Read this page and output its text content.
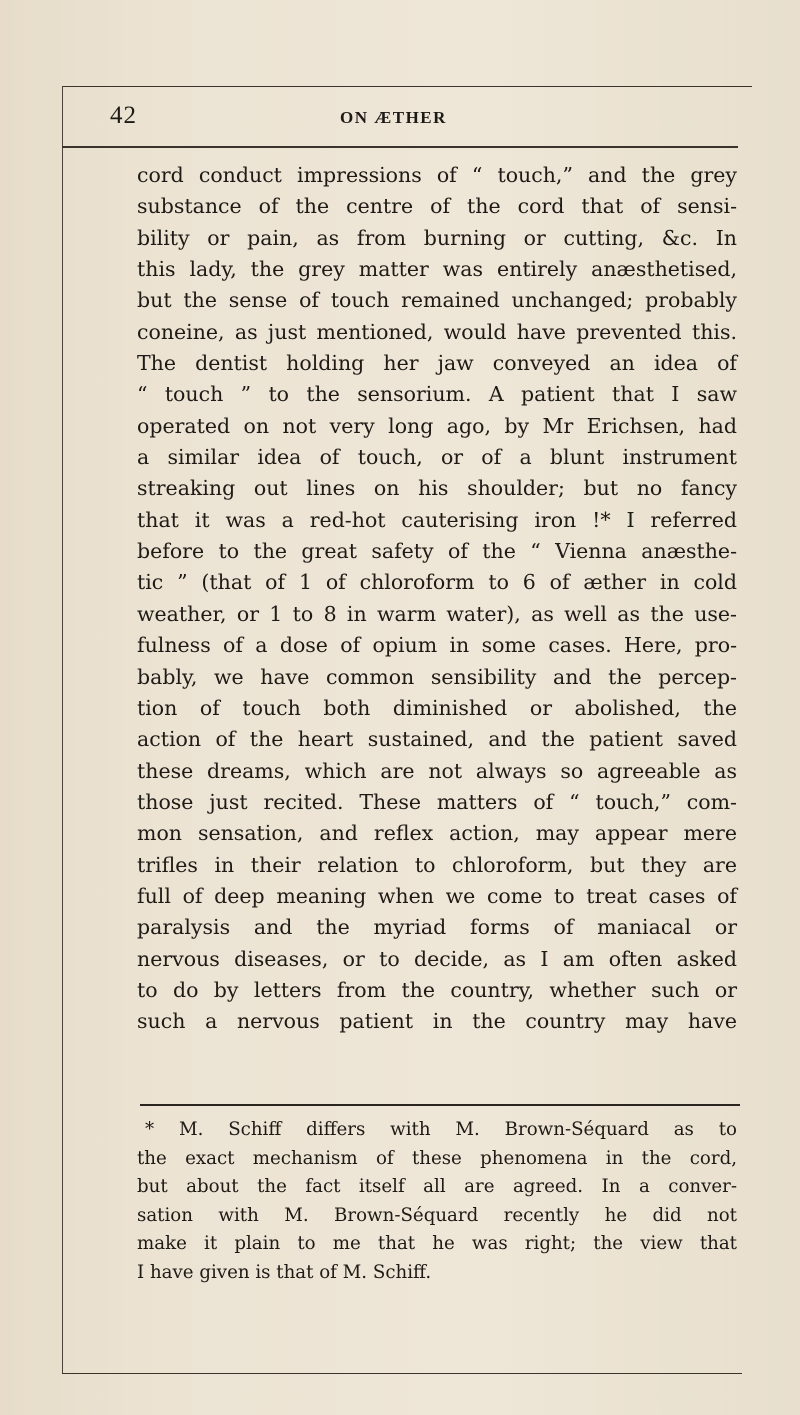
42	ON ÆTHER
cord conduct impressions of “ touch,” and the grey
substance of the centre of the cord that of sensi-
bility or pain, as from burning or cutting, &c. In
this lady, the grey matter was entirely anæsthetised,
but the sense of touch remained unchanged; probably
coneine, as just mentioned, would have prevented this.
The dentist holding her jaw conveyed an idea of
“ touch ” to the sensorium. A patient that I saw
operated on not very long ago, by Mr Erichsen, had
a similar idea of touch, or of a blunt instrument
streaking out lines on his shoulder; but no fancy
that it was a red-hot cauterising iron !* I referred
before to the great safety of the “ Vienna anæsthe-
tic ” (that of 1 of chloroform to 6 of æther in cold
weather, or 1 to 8 in warm water), as well as the use-
fulness of a dose of opium in some cases. Here, pro-
bably, we have common sensibility and the percep-
tion of touch both diminished or abolished, the
action of the heart sustained, and the patient saved
these dreams, which are not always so agreeable as
those just recited. These matters of “ touch,” com-
mon sensation, and reflex action, may appear mere
trifles in their relation to chloroform, but they are
full of deep meaning when we come to treat cases of
paralysis and the myriad forms of maniacal or
nervous diseases, or to decide, as I am often asked
to do by letters from the country, whether such or
such a nervous patient in the country may have
* M. Schiff differs with M. Brown-Séquard as to
the exact mechanism of these phenomena in the cord,
but about the fact itself all are agreed. In a conver-
sation with M. Brown-Séquard recently he did not
make it plain to me that he was right; the view that
I have given is that of M. Schiff.
